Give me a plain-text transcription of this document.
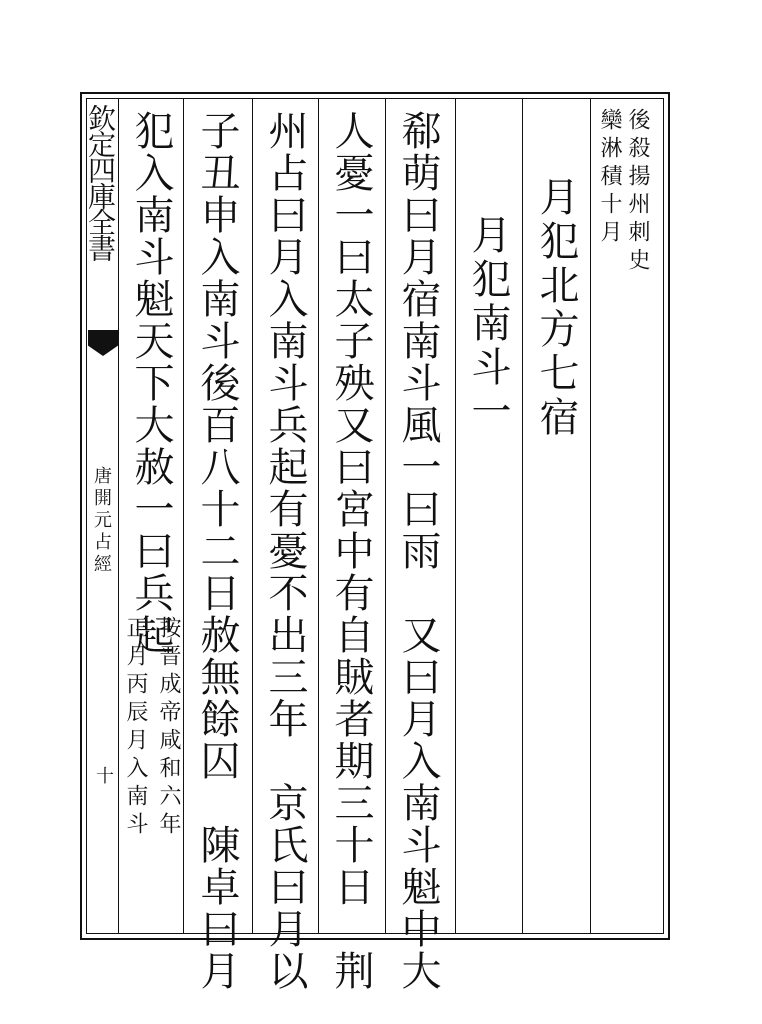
欽定四庫全書
唐開元占經
十
後殺揚州刺史
欒淋積十月
月犯北方七宿
月犯南斗一
郗萌曰月宿南斗風一曰雨　又曰月入南斗魁中大
人憂一曰太子殃又曰宮中有自賊者期三十日　荆
州占曰月入南斗兵起有憂不出三年　京氏曰月以
子丑申入南斗後百八十二日赦無餘囚　陳卓曰月
犯入南斗魁天下大赦一曰兵起
按晋成帝咸和六年
正月丙辰月入南斗
